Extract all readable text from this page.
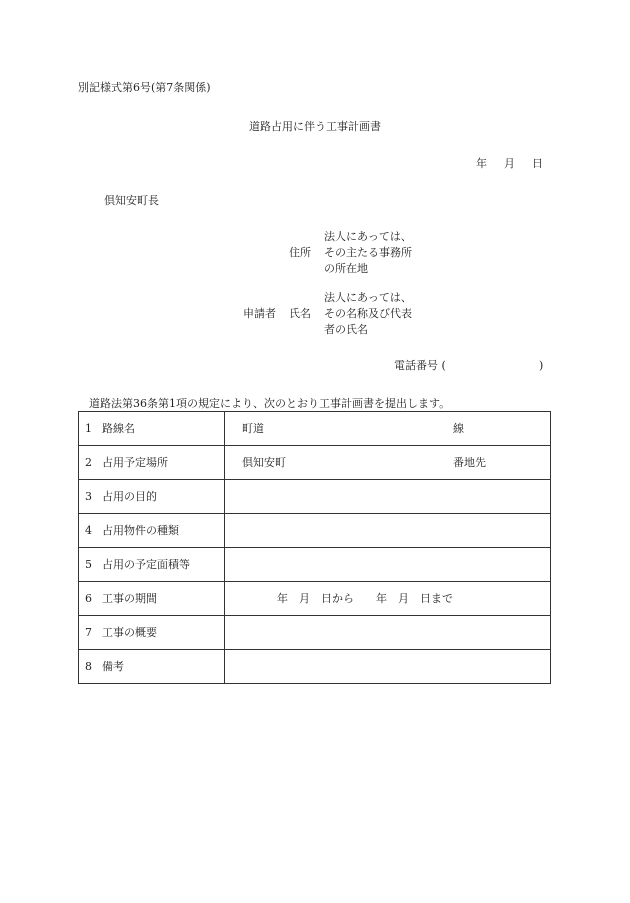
別記様式第6号(第7条関係)
道路占用に伴う工事計画書
年 月 日
倶知安町長
法人にあっては、
その主たる事務所
の所在地
住所
法人にあっては、
その名称及び代表
者の氏名
申請者 氏名
電話番号 (	)
道路法第36条第1項の規定により、次のとおり工事計画書を提出します。
1 路線名	町道 線

2 占用予定場所	倶知安町 番地先

3 占用の目的	
4 占用物件の種類	
5 占用の予定面積等	
6 工事の期間	年　月　日から　　年　月　日まで

7 工事の概要	
8 備考	
